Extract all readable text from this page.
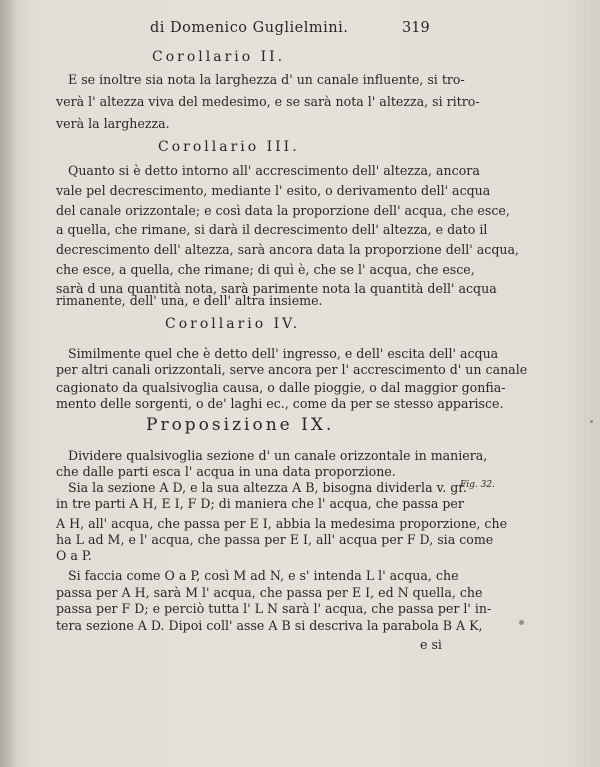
di Domenico Guglielmini.	319
Corollario II.
E se inoltre sia nota la larghezza d' un canale influente, si tro-
verà l' altezza viva del medesimo, e se sarà nota l' altezza, si ritro-
verà la larghezza.
Corollario III.
Quanto si è detto intorno all' accrescimento dell' altezza, ancora
vale pel decrescimento, mediante l' esito, o derivamento dell' acqua
del canale orizzontale; e così data la proporzione dell' acqua, che esce,
a quella, che rimane, si darà il decrescimento dell' altezza, e dato il
decrescimento dell' altezza, sarà ancora data la proporzione dell' acqua,
che esce, a quella, che rimane; di quì è, che se l' acqua, che esce,
sarà d una quantità nota, sarà parimente nota la quantità dell' acqua
rimanente, dell' una, e dell' altra insieme.
Corollario IV.
Similmente quel che è detto dell' ingresso, e dell' escita dell' acqua
per altri canali orizzontali, serve ancora per l' accrescimento d' un canale
cagionato da qualsivoglia causa, o dalle pioggie, o dal maggior gonfia-
mento delle sorgenti, o de' laghi ec., come da per se stesso apparisce.
Proposizione IX.
Dividere qualsivoglia sezione d' un canale orizzontale in maniera,
che dalle parti esca l' acqua in una data proporzione.
Fig. 32.
Sia la sezione A D, e la sua altezza A B, bisogna dividerla v. gr.
in tre parti A H, E I, F D; di maniera che l' acqua, che passa per
A H, all' acqua, che passa per E I, abbia la medesima proporzione, che
ha L ad M, e l' acqua, che passa per E I, all' acqua per F D, sia come
O a P.
Si faccia come O a P, così M ad N, e s' intenda L l' acqua, che
passa per A H, sarà M l' acqua, che passa per E I, ed N quella, che
passa per F D; e perciò tutta l' L N sarà l' acqua, che passa per l' in-
tera sezione A D. Dipoi coll' asse A B si descriva la parabola B A K,
e si
